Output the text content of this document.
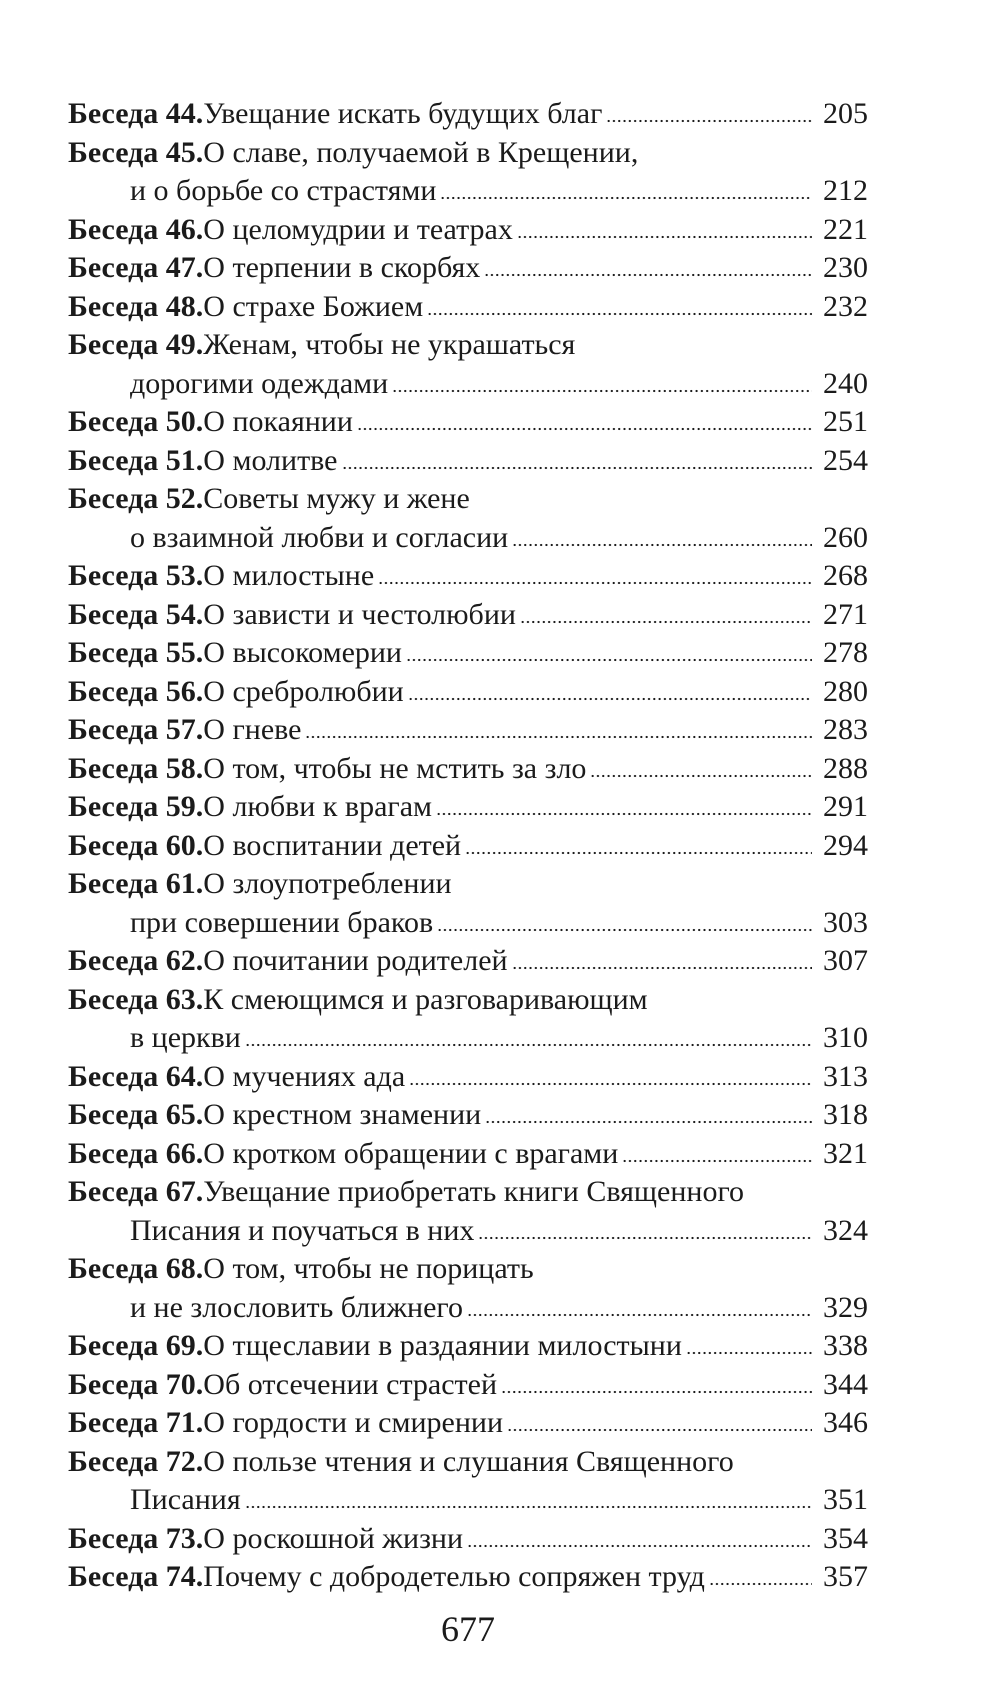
Беседа 44. Увещание искать будущих благ	205
Беседа 45. О славе, получаемой в Крещении,
и о борьбе со страстями	212
Беседа 46. О целомудрии и театрах	221
Беседа 47. О терпении в скорбях	230
Беседа 48. О страхе Божием	232
Беседа 49. Женам, чтобы не украшаться
дорогими одеждами	240
Беседа 50. О покаянии	251
Беседа 51. О молитве	254
Беседа 52. Советы мужу и жене
о взаимной любви и согласии	260
Беседа 53. О милостыне	268
Беседа 54. О зависти и честолюбии	271
Беседа 55. О высокомерии	278
Беседа 56. О сребролюбии	280
Беседа 57. О гневе	283
Беседа 58. О том, чтобы не мстить за зло	288
Беседа 59. О любви к врагам	291
Беседа 60. О воспитании детей	294
Беседа 61. О злоупотреблении
при совершении браков	303
Беседа 62. О почитании родителей	307
Беседа 63. К смеющимся и разговаривающим
в церкви	310
Беседа 64. О мучениях ада	313
Беседа 65. О крестном знамении	318
Беседа 66. О кротком обращении с врагами	321
Беседа 67. Увещание приобретать книги Священного
Писания и поучаться в них	324
Беседа 68. О том, чтобы не порицать
и не злословить ближнего	329
Беседа 69. О тщеславии в раздаянии милостыни	338
Беседа 70. Об отсечении страстей	344
Беседа 71. О гордости и смирении	346
Беседа 72. О пользе чтения и слушания Священного
Писания	351
Беседа 73. О роскошной жизни	354
Беседа 74. Почему с добродетелью сопряжен труд	357
677
